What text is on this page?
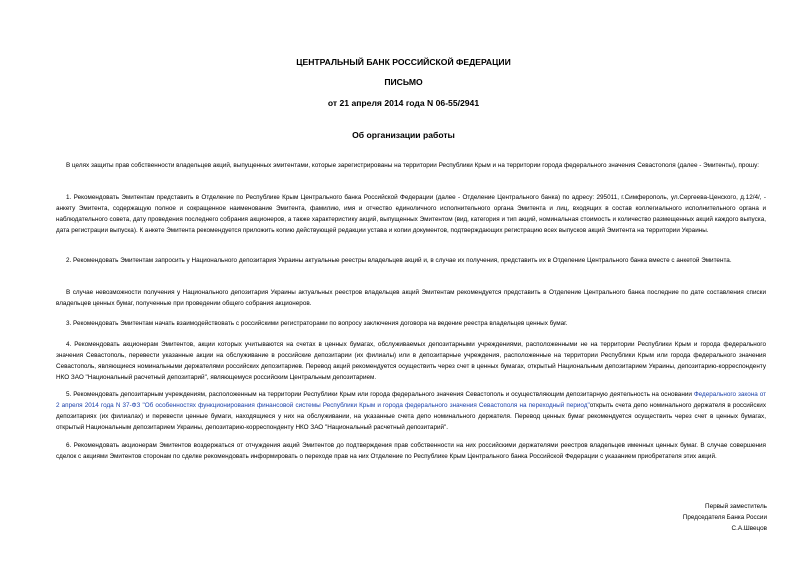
ЦЕНТРАЛЬНЫЙ БАНК РОССИЙСКОЙ ФЕДЕРАЦИИ
ПИСЬМО
от 21 апреля 2014 года N 06-55/2941
Об организации работы

В целях защиты прав собственности владельцев акций, выпущенных эмитентами, которые зарегистрированы на территории Республики Крым и на территории города федерального значения Севастополя (далее - Эмитенты), прошу:

1. Рекомендовать Эмитентам представить в Отделение по Республике Крым Центрального банка Российской Федерации (далее - Отделение Центрального банка) по адресу: 295011, г.Симферополь, ул.Сергеева-Ценского, д.12/4/, - анкету Эмитента, содержащую полное и сокращенное наименование Эмитента, фамилию, имя и отчество единоличного исполнительного органа Эмитента и лиц, входящих в состав коллегиального исполнительного органа и наблюдательного совета, дату проведения последнего собрания акционеров, а также характеристику акций, выпущенных Эмитентом (вид, категория и тип акций, номинальная стоимость и количество размещенных акций каждого выпуска, дата регистрации выпуска). К анкете Эмитента рекомендуется приложить копию действующей редакции устава и копии документов, подтверждающих регистрацию всех выпусков акций Эмитента на территории Украины.

2. Рекомендовать Эмитентам запросить у Национального депозитария Украины актуальные реестры владельцев акций и, в случае их получения, представить их в Отделение Центрального банка вместе с анкетой Эмитента.

В случае невозможности получения у Национального депозитария Украины актуальных реестров владельцев акций Эмитентам рекомендуется представить в Отделение Центрального банка последние по дате составления списки владельцев ценных бумаг, полученные при проведении общего собрания акционеров.

3. Рекомендовать Эмитентам начать взаимодействовать с российскими регистраторами по вопросу заключения договора на ведение реестра владельцев ценных бумаг.

4. Рекомендовать акционерам Эмитентов, акции которых учитываются на счетах в ценных бумагах, обслуживаемых депозитарными учреждениями, расположенными не на территории Республики Крым и города федерального значения Севастополь, перевести указанные акции на обслуживание в российские депозитарии (их филиалы) или в депозитарные учреждения, расположенные на территории Республики Крым или города федерального значения Севастополь, являющиеся номинальными держателями российских депозитариев. Перевод акций рекомендуется осуществить через счет в ценных бумагах, открытый Национальным депозитарием Украины, депозитарию-корреспонденту НКО ЗАО "Национальный расчетный депозитарий", являющемуся российским Центральным депозитарием.

5. Рекомендовать депозитарным учреждениям, расположенным на территории Республики Крым или города федерального значения Севастополь и осуществляющим депозитарную деятельность на основании Федерального закона от 2 апреля 2014 года N 37-ФЗ "Об особенностях функционирования финансовой системы Республики Крым и города федерального значения Севастополя на переходный период"открыть счета депо номинального держателя в российских депозитариях (их филиалах) и перевести ценные бумаги, находящиеся у них на обслуживании, на указанные счета депо номинального держателя. Перевод ценных бумаг рекомендуется осуществить через счет в ценных бумагах, открытый Национальным депозитарием Украины, депозитарию-корреспонденту НКО ЗАО "Национальный расчетный депозитарий".

6. Рекомендовать акционерам Эмитентов воздержаться от отчуждения акций Эмитентов до подтверждения прав собственности на них российскими держателями реестров владельцев именных ценных бумаг. В случае совершения сделок с акциями Эмитентов сторонам по сделке рекомендовать информировать о переходе прав на них Отделение по Республике Крым Центрального банка Российской Федерации с указанием приобретателя этих акций.

Первый заместитель
Председателя Банка России
С.А.Швецов
